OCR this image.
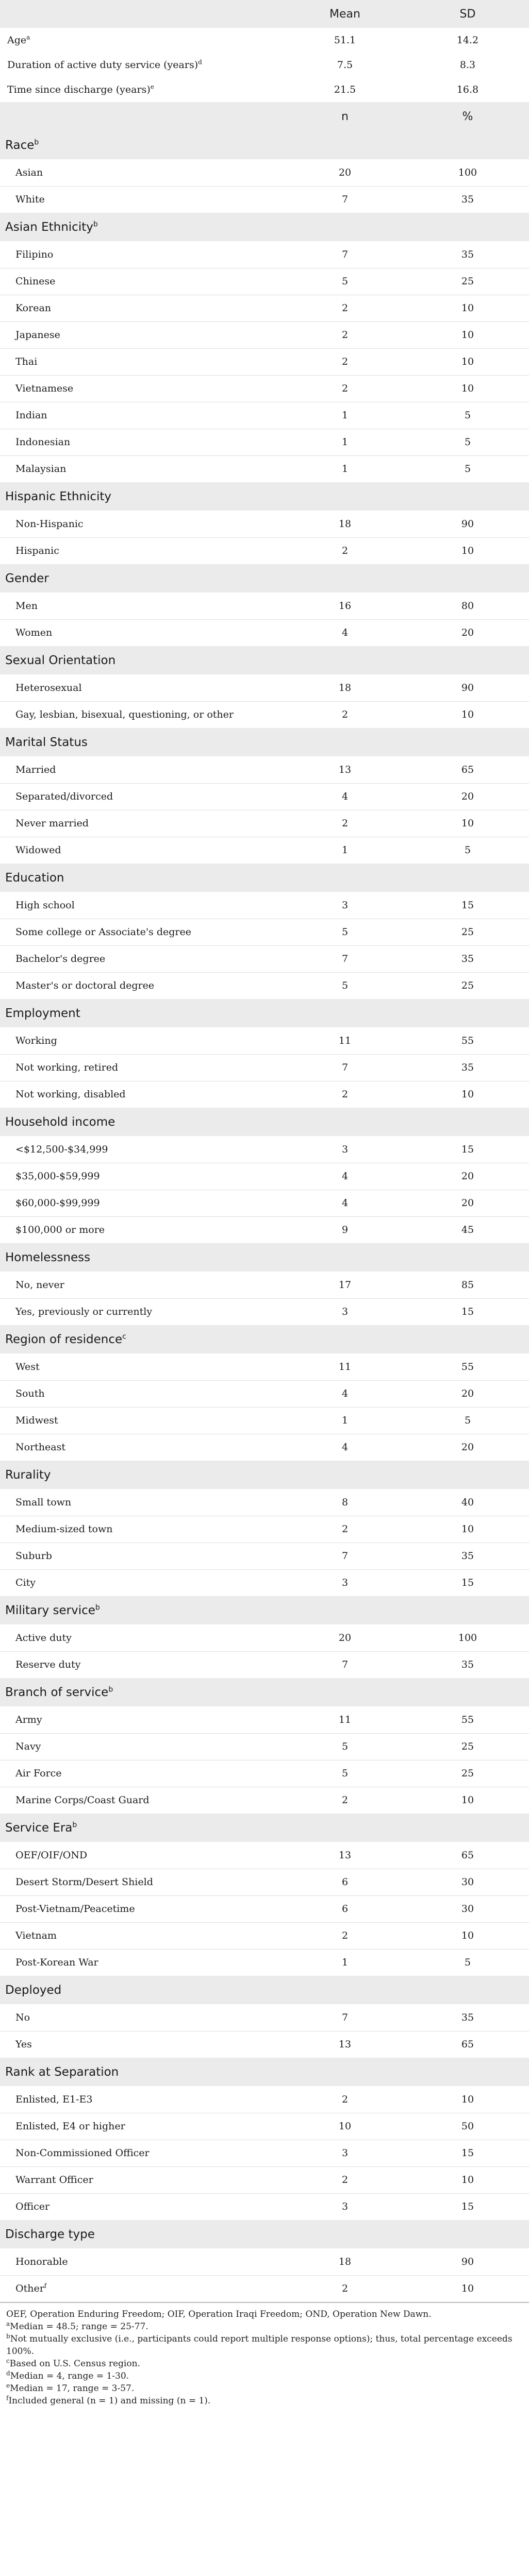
	Mean	SD
Age$^a$	51.1	14.2
Duration of active duty service (years)$^d$	7.5	8.3
Time since discharge (years)$^e$	21.5	16.8
	n	%
Race$^b$
Asian	20	100
White	7	35
Asian Ethnicity$^b$
Filipino	7	35
Chinese	5	25
Korean	2	10
Japanese	2	10
Thai	2	10
Vietnamese	2	10
Indian	1	5
Indonesian	1	5
Malaysian	1	5
Hispanic Ethnicity		
Non-Hispanic	18	90
Hispanic	2	10
Gender		
Men	16	80
Women	4	20
Sexual Orientation		
Heterosexual	18	90
Gay, lesbian, bisexual, questioning, or other	2	10
Marital Status		
Married	13	65
Separated/divorced	4	20
Never married	2	10
Widowed	1	5
Education		
High school	3	15
Some college or Associate's degree	5	25
Bachelor's degree	7	35
Master's or doctoral degree	5	25
Employment		
Working	11	55
Not working, retired	7	35
Not working, disabled	2	10
Household income		
<$12,500-$34,999	3	15
$35,000-$59,999	4	20
$60,000-$99,999	4	20
$100,000 or more	9	45
Homelessness		
No, never	17	85
Yes, previously or currently	3	15
Region of residence$^c$
West	11	55
South	4	20
Midwest	1	5
Northeast	4	20
Rurality		
Small town	8	40
Medium-sized town	2	10
Suburb	7	35
City	3	15
Military service$^b$
Active duty	20	100
Reserve duty	7	35
Branch of service$^b$
Army	11	55
Navy	5	25
Air Force	5	25
Marine Corps/Coast Guard	2	10
Service Era$^b$
OEF/OIF/OND	13	65
Desert Storm/Desert Shield	6	30
Post-Vietnam/Peacetime	6	30
Vietnam	2	10
Post-Korean War	1	5
Deployed		
No	7	35
Yes	13	65
Rank at Separation		
Enlisted, E1-E3	2	10
Enlisted, E4 or higher	10	50
Non-Commissioned Officer	3	15
Warrant Officer	2	10
Officer	3	15
Discharge type		
Honorable	18	90
Other$^f$	2	10

OEF, Operation Enduring Freedom; OIF, Operation Iraqi Freedom; OND, Operation New Dawn.

$^a$Median = 48.5; range = 25-77.

$^b$Not mutually exclusive (i.e., participants could report multiple response options); thus, total percentage exceeds 100%.

$^c$Based on U.S. Census region.

$^d$Median = 4, range = 1-30.

$^e$Median = 17, range = 3-57.

$^f$Included general (n = 1) and missing (n = 1).
